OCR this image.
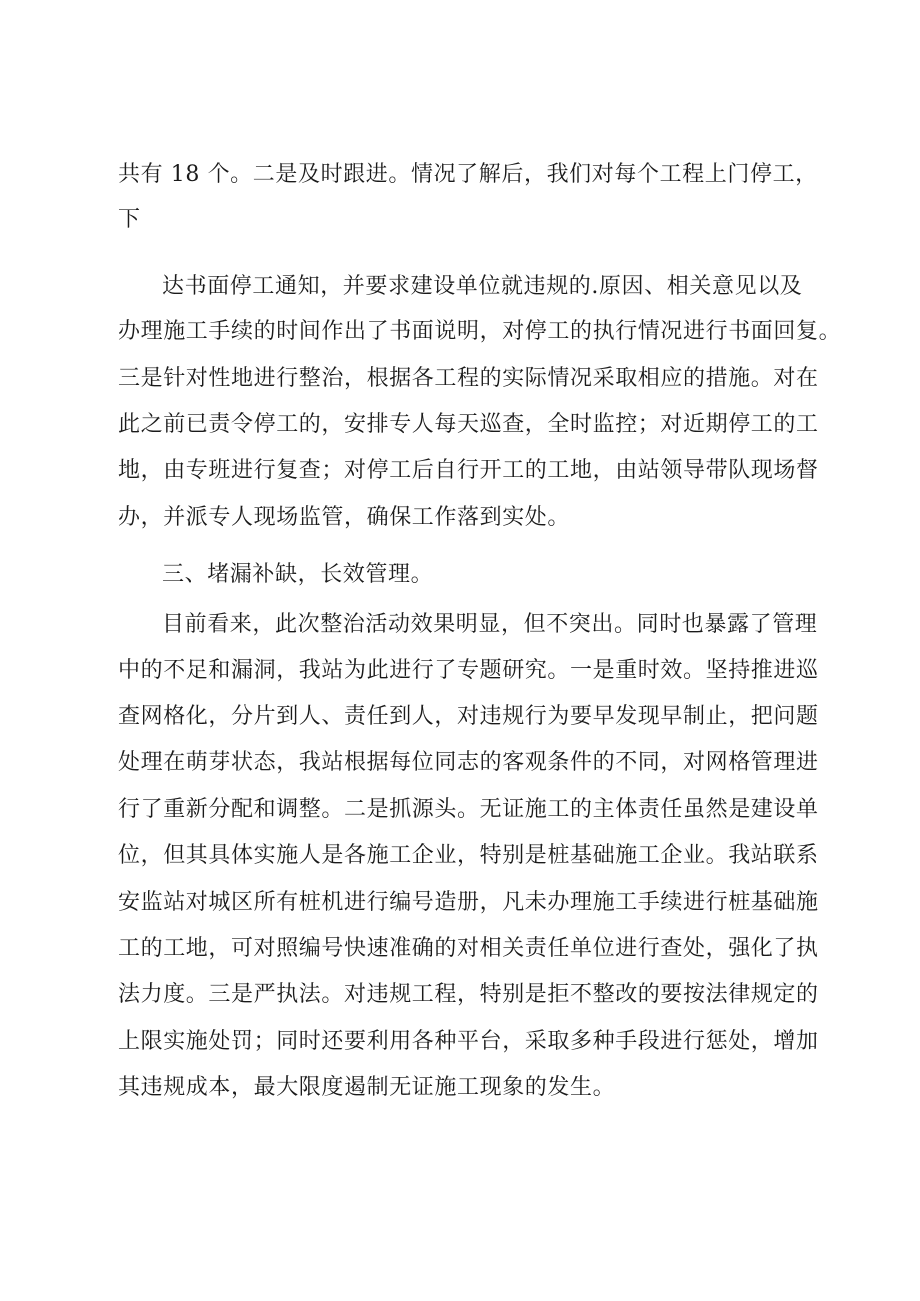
共有 18 个。二是及时跟进。情况了解后，我们对每个工程上门停工，
下
达书面停工通知，并要求建设单位就违规的.原因、相关意见以及
办理施工手续的时间作出了书面说明，对停工的执行情况进行书面回复。
三是针对性地进行整治，根据各工程的实际情况采取相应的措施。对在
此之前已责令停工的，安排专人每天巡查，全时监控；对近期停工的工
地，由专班进行复查；对停工后自行开工的工地，由站领导带队现场督
办，并派专人现场监管，确保工作落到实处。
三、堵漏补缺，长效管理。
目前看来，此次整治活动效果明显，但不突出。同时也暴露了管理
中的不足和漏洞，我站为此进行了专题研究。一是重时效。坚持推进巡
查网格化，分片到人、责任到人，对违规行为要早发现早制止，把问题
处理在萌芽状态，我站根据每位同志的客观条件的不同，对网格管理进
行了重新分配和调整。二是抓源头。无证施工的主体责任虽然是建设单
位，但其具体实施人是各施工企业，特别是桩基础施工企业。我站联系
安监站对城区所有桩机进行编号造册，凡未办理施工手续进行桩基础施
工的工地，可对照编号快速准确的对相关责任单位进行查处，强化了执
法力度。三是严执法。对违规工程，特别是拒不整改的要按法律规定的
上限实施处罚；同时还要利用各种平台，采取多种手段进行惩处，增加
其违规成本，最大限度遏制无证施工现象的发生。
